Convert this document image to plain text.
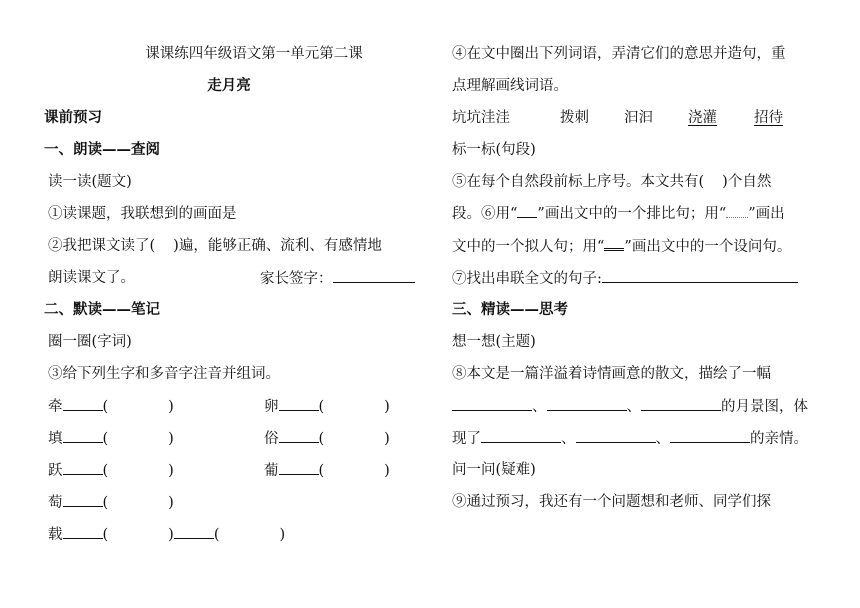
课课练四年级语文第一单元第二课
走月亮
课前预习
一、朗读——查阅
读一读(题文)
①读课题，我联想到的画面是
②我把课文读了( )遍，能够正确、流利、有感情地
朗读课文了。	家长签字：
二、默读——笔记
圈一圈(字词)
③给下列生字和多音字注音并组词。
牵	(	)	卵	(	)
填	(	)	俗	(	)
跃	(	)	葡	(	)
萄	(	)
载	(	)	(	)
④在文中圈出下列词语，弄清它们的意思并造句，重
点理解画线词语。
坑坑洼洼	拨刺 汩汩 浇灌	招待
标一标(句段)
⑤在每个自然段前标上序号。本文共有( )个自然
段。⑥用“ ”画出文中的一个排比句；用“ ”画出
文中的一个拟人句；用“ ”画出文中的一个设问句。
⑦找出串联全文的句子:
三、精读——思考
想一想(主题)
⑧本文是一篇洋溢着诗情画意的散文，描绘了一幅
、	、	的月景图，体
现了	、	、	的亲情。
问一问(疑难)
⑨通过预习，我还有一个问题想和老师、同学们探
